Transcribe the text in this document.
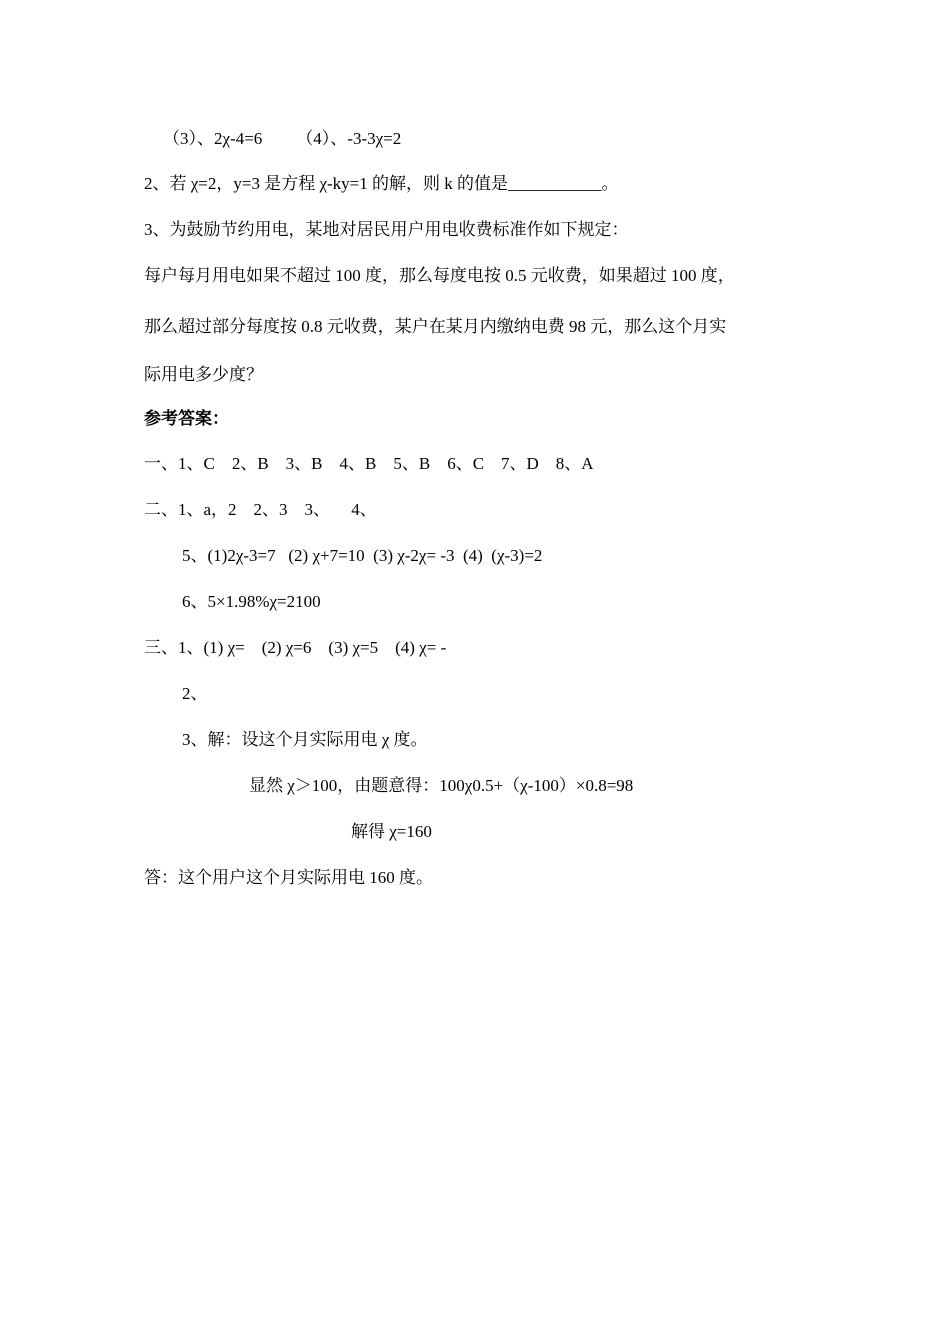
（3）、2χ-4=6        （4）、-3-3χ=2
2、若 χ=2，y=3 是方程 χ-ky=1 的解，则 k 的值是___________。
3、为鼓励节约用电，某地对居民用户用电收费标准作如下规定：
每户每月用电如果不超过 100 度，那么每度电按 0.5 元收费，如果超过 100 度，
那么超过部分每度按 0.8 元收费，某户在某月内缴纳电费 98 元，那么这个月实
际用电多少度？
参考答案：
一、1、C    2、B    3、B    4、B    5、B    6、C    7、D    8、A
二、1、a，2    2、3    3、     4、
5、(1)2χ-3=7   (2) χ+7=10  (3) χ-2χ= -3  (4)  (χ-3)=2
6、5×1.98%χ=2100
三、1、(1) χ=    (2) χ=6    (3) χ=5    (4) χ= -
2、
3、解：设这个月实际用电 χ 度。
显然 χ＞100，由题意得：100χ0.5+（χ-100）×0.8=98
解得 χ=160
答：这个用户这个月实际用电 160 度。
